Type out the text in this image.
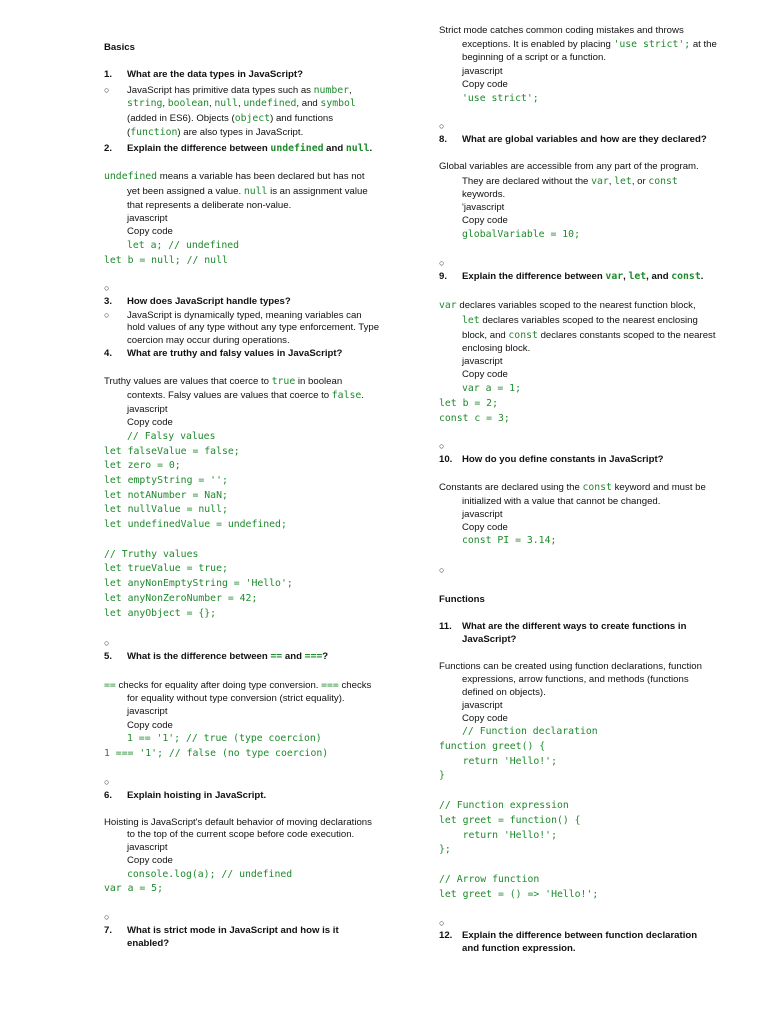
Basics
1. What are the data types in JavaScript?
○ JavaScript has primitive data types such as number,
string, boolean, null, undefined, and symbol
(added in ES6). Objects (object) and functions
(function) are also types in JavaScript.
2. Explain the difference between undefined and null.
undefined means a variable has been declared but has not
yet been assigned a value. null is an assignment value
that represents a deliberate non-value.
javascript
Copy code
let a; // undefined
let b = null; // null
○
3. How does JavaScript handle types?
○ JavaScript is dynamically typed, meaning variables can
hold values of any type without any type enforcement. Type
coercion may occur during operations.
4. What are truthy and falsy values in JavaScript?
Truthy values are values that coerce to true in boolean
contexts. Falsy values are values that coerce to false.
javascript
Copy code
// Falsy values
let falseValue = false;
let zero = 0;
let emptyString = '';
let notANumber = NaN;
let nullValue = null;
let undefinedValue = undefined;
// Truthy values
let trueValue = true;
let anyNonEmptyString = 'Hello';
let anyNonZeroNumber = 42;
let anyObject = {};
○
5. What is the difference between == and ===?
== checks for equality after doing type conversion. === checks
for equality without type conversion (strict equality).
javascript
Copy code
1 == '1'; // true (type coercion)
1 === '1'; // false (no type coercion)
○
6. Explain hoisting in JavaScript.
Hoisting is JavaScript's default behavior of moving declarations
to the top of the current scope before code execution.
javascript
Copy code
console.log(a); // undefined
var a = 5;
○
7. What is strict mode in JavaScript and how is it
enabled?
Strict mode catches common coding mistakes and throws
exceptions. It is enabled by placing 'use strict'; at the
beginning of a script or a function.
javascript
Copy code
'use strict';
○
8. What are global variables and how are they declared?
Global variables are accessible from any part of the program.
They are declared without the var, let, or const
keywords.
'javascript
Copy code
globalVariable = 10;
○
9. Explain the difference between var, let, and const.
var declares variables scoped to the nearest function block,
let declares variables scoped to the nearest enclosing
block, and const declares constants scoped to the nearest
enclosing block.
javascript
Copy code
var a = 1;
let b = 2;
const c = 3;
○
10. How do you define constants in JavaScript?
Constants are declared using the const keyword and must be
initialized with a value that cannot be changed.
javascript
Copy code
const PI = 3.14;
○
Functions
11. What are the different ways to create functions in
JavaScript?
Functions can be created using function declarations, function
expressions, arrow functions, and methods (functions
defined on objects).
javascript
Copy code
// Function declaration
function greet() {
return 'Hello!';
}
// Function expression
let greet = function() {
return 'Hello!';
};
// Arrow function
let greet = () => 'Hello!';
○
12. Explain the difference between function declaration
and function expression.
